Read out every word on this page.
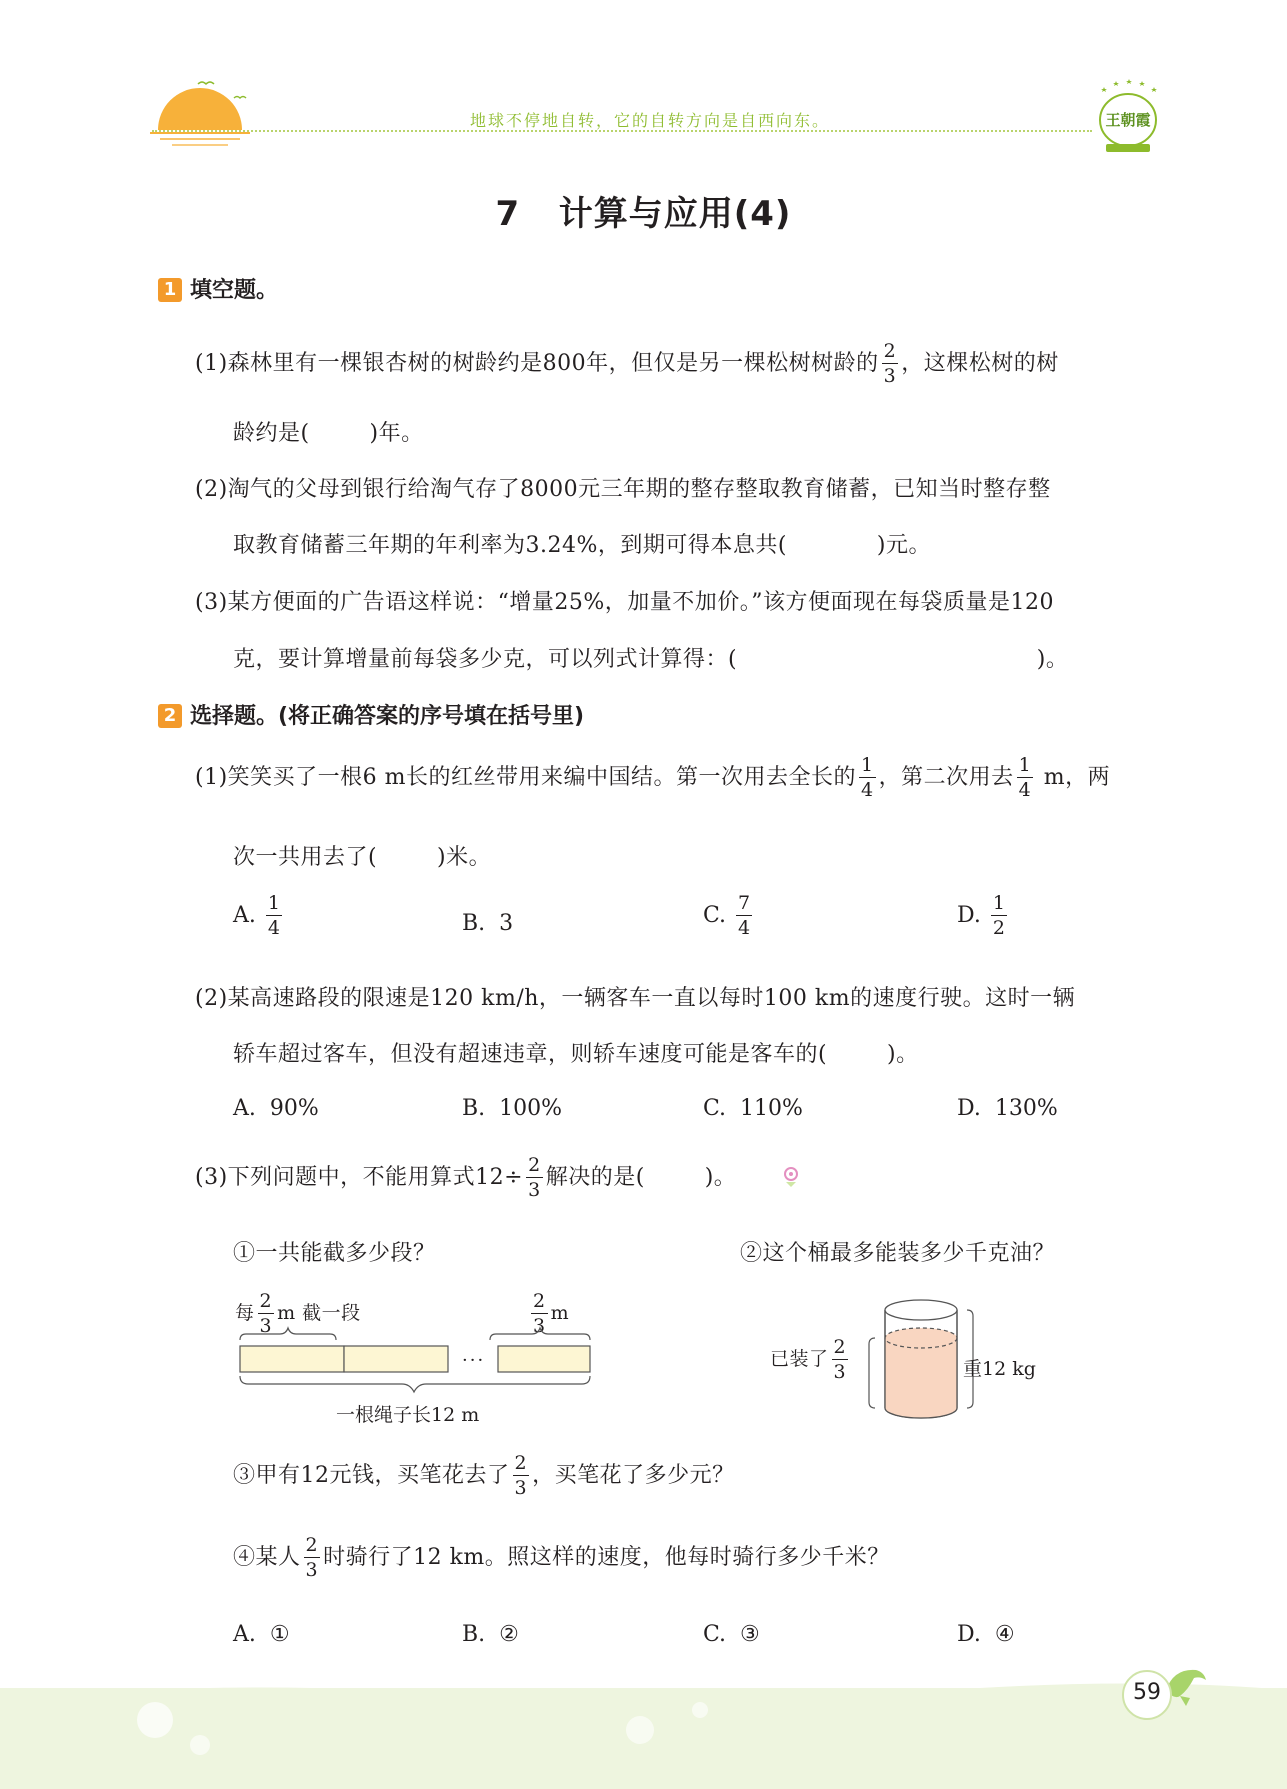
地球不停地自转，它的自转方向是自西向东。	王朝霞
7   计算与应用(4)
1 填空题。
(1)森林里有一棵银杏树的树龄约是800年，但仅是另一棵松树树龄的 $\frac{2}{3}$ ，这棵松树的树
龄约是(        )年。
(2)淘气的父母到银行给淘气存了8000元三年期的整存整取教育储蓄，已知当时整存整
取教育储蓄三年期的年利率为3.24%，到期可得本息共(            )元。
(3)某方便面的广告语这样说：“增量25%，加量不加价。”该方便面现在每袋质量是120
克，要计算增量前每袋多少克，可以列式计算得：(                                        )。
2 选择题。(将正确答案的序号填在括号里)
(1)笑笑买了一根6 m长的红丝带用来编中国结。第一次用去全长的 $\frac{1}{4}$ ，第二次用去 $\frac{1}{4}$ m，两
次一共用去了(        )米。
A. $\frac{1}{4}$	B.  3	C. $\frac{7}{4}$	D. $\frac{1}{2}$
(2)某高速路段的限速是120 km/h，一辆客车一直以每时100 km的速度行驶。这时一辆
轿车超过客车，但没有超速违章，则轿车速度可能是客车的(        )。
A.  90%	B.  100%	C.  110%	D.  130%
(3)下列问题中，不能用算式$12\div \frac{2}{3}$ 解决的是(        )。
①一共能截多少段？	②这个桶最多能装多少千克油？
每 $\frac{2}{3}$ m 截一段	$\frac{2}{3}$ m
···
一根绳子长12 m
已装了 $\frac{2}{3}$	重12 kg
③甲有12元钱，买笔花去了 $\frac{2}{3}$ ，买笔花了多少元？
④某人 $\frac{2}{3}$ 时骑行了12 km。照这样的速度，他每时骑行多少千米？
A.  ①	B.  ②	C.  ③	D.  ④
59
